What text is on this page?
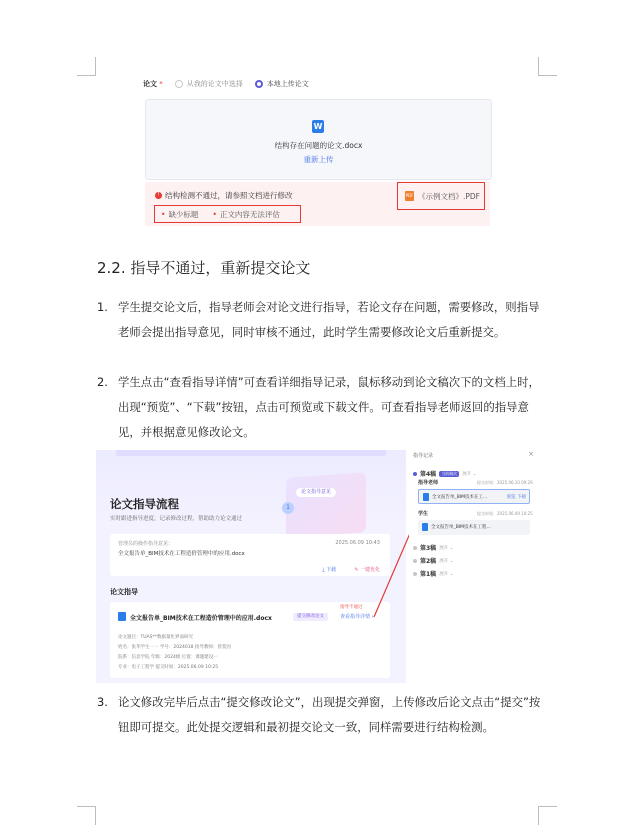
论文 *	从我的论文中选择	本地上传论文
W
结构存在问题的论文.docx
重新上传
! 结构检测不通过，请参照文档进行修改
• 缺少标题
•	正文内容无法评估
PDF 《示例文档》.PDF
2.2. 指导不通过，重新提交论文
1. 学生提交论文后，指导老师会对论文进行指导，若论文存在问题，需要修改，则指导老师会提出指导意见，同时审核不通过，此时学生需要修改论文后重新提交。
2. 学生点击“查看指导详情”可查看详细指导记录，鼠标移动到论文稿次下的文档上时，出现“预览”、“下载”按钮，点击可预览或下载文件。可查看指导老师返回的指导意见，并根据意见修改论文。
论文指导意见
1
论文指导流程
实时跟进指导进度，记录修改过程，帮助助力论文通过
管理员的操作指导意见：	2025.06.09 10:43
全文报告单_BIM技术在工程造价管理中的应用.docx
⤓ 下载	✎ 一键优化
论文指导
全文报告单_BIM技术在工程造价管理中的应用.docx
指导不通过
提交修改论文	查看指导详情 ›
论文题目：TUAS**数据量化界面研究
姓名：张华学生一一 学号：2024018 指导教师：曾莫因
院系：信息学院 年级：2024级 位置：课题建设一
专业：电子工程学 提交时间：2025.06.09 10:25
指导记录	×
第4稿	当前稿次	展开 ⌄
指导老师	提交时间：2025.06.10 09:29
全文报告单_BIM技术在工...	预览 下载
学生	提交时间：2025.06.09 10:25
全文报告单_BIM技术在工程...
第3稿 展开 ⌄
第2稿 展开 ⌄
第1稿 展开 ⌄
3. 论文修改完毕后点击“提交修改论文”，出现提交弹窗，上传修改后论文点击“提交”按钮即可提交。此处提交逻辑和最初提交论文一致，同样需要进行结构检测。
